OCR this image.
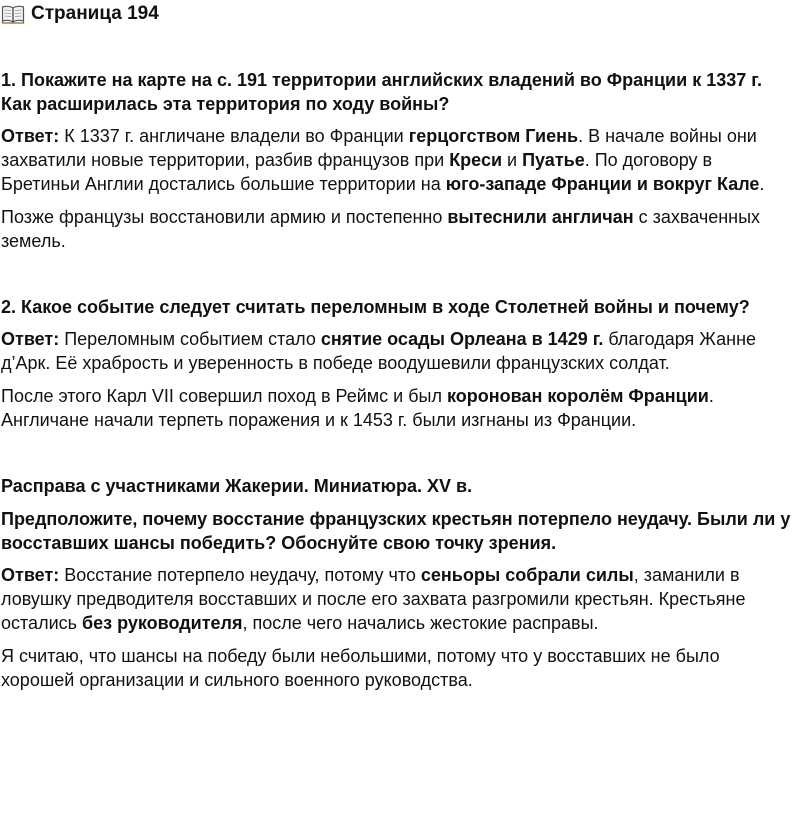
Страница 194

1. Покажите на карте на с. 191 территории английских владений во Франции к 1337 г. Как расширилась эта территория по ходу войны?

Ответ: К 1337 г. англичане владели во Франции герцогством Гиень. В начале войны они захватили новые территории, разбив французов при Креси и Пуатье. По договору в Бретиньи Англии достались большие территории на юго-западе Франции и вокруг Кале.

Позже французы восстановили армию и постепенно вытеснили англичан с захваченных земель.

2. Какое событие следует считать переломным в ходе Столетней войны и почему?

Ответ: Переломным событием стало снятие осады Орлеана в 1429 г. благодаря Жанне д’Арк. Её храбрость и уверенность в победе воодушевили французских солдат.

После этого Карл VII совершил поход в Реймс и был коронован королём Франции. Англичане начали терпеть поражения и к 1453 г. были изгнаны из Франции.

Расправа с участниками Жакерии. Миниатюра. XV в.

Предположите, почему восстание французских крестьян потерпело неудачу. Были ли у восставших шансы победить? Обоснуйте свою точку зрения.

Ответ: Восстание потерпело неудачу, потому что сеньоры собрали силы, заманили в ловушку предводителя восставших и после его захвата разгромили крестьян. Крестьяне остались без руководителя, после чего начались жестокие расправы.

Я считаю, что шансы на победу были небольшими, потому что у восставших не было хорошей организации и сильного военного руководства.
